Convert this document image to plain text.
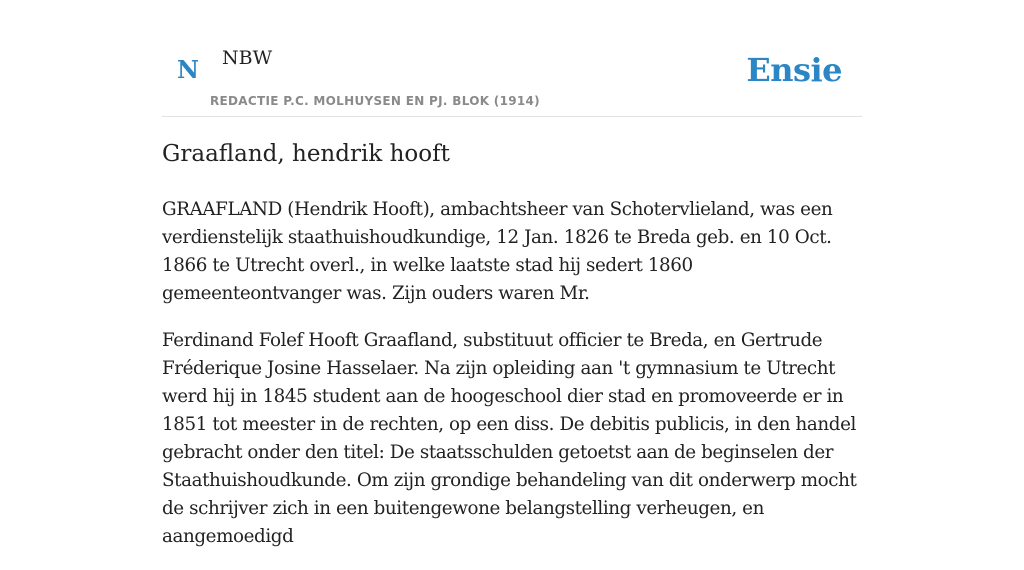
N NBW
REDACTIE P.C. MOLHUYSEN EN PJ. BLOK (1914)
Ensie
Graafland, hendrik hooft

GRAAFLAND (Hendrik Hooft), ambachtsheer van Schotervlieland, was een verdienstelijk staathuishoudkundige, 12 Jan. 1826 te Breda geb. en 10 Oct. 1866 te Utrecht overl., in welke laatste stad hij sedert 1860 gemeenteontvanger was. Zijn ouders waren Mr.

Ferdinand Folef Hooft Graafland, substituut officier te Breda, en Gertrude Fréderique Josine Hasselaer. Na zijn opleiding aan 't gymnasium te Utrecht werd hij in 1845 student aan de hoogeschool dier stad en promoveerde er in 1851 tot meester in de rechten, op een diss. De debitis publicis, in den handel gebracht onder den titel: De staatsschulden getoetst aan de beginselen der Staathuishoudkunde. Om zijn grondige behandeling van dit onderwerp mocht de schrijver zich in een buitengewone belangstelling verheugen, en aangemoedigd
